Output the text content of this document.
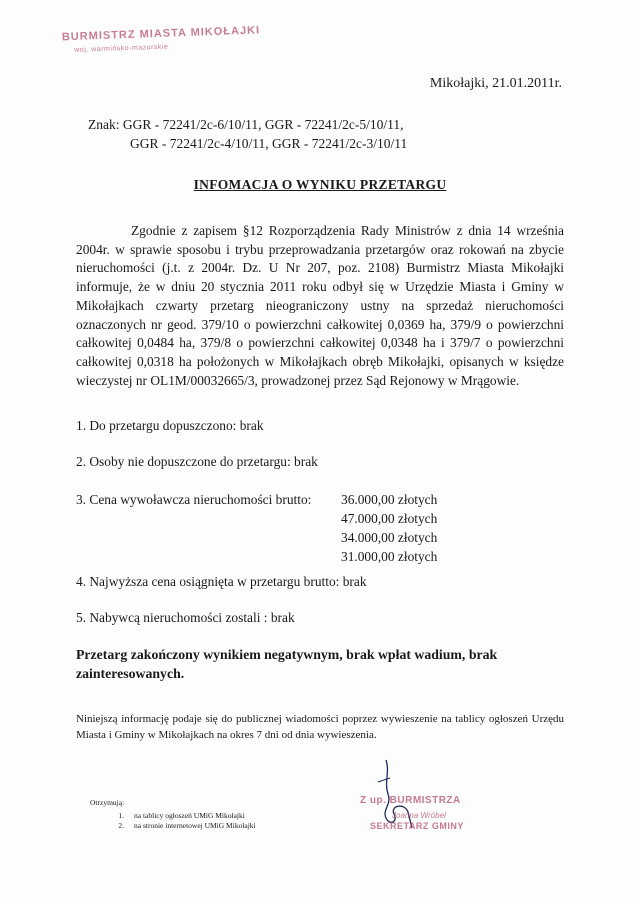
BURMISTRZ MIASTA MIKOŁAJKI
woj. warmińsko-mazurskie
Mikołajki, 21.01.2011r.
Znak: GGR - 72241/2c-6/10/11, GGR - 72241/2c-5/10/11,
GGR - 72241/2c-4/10/11, GGR - 72241/2c-3/10/11
INFOMACJA O WYNIKU PRZETARGU
Zgodnie z zapisem §12 Rozporządzenia Rady Ministrów z dnia 14 września 2004r. w sprawie sposobu i trybu przeprowadzania przetargów oraz rokowań na zbycie nieruchomości (j.t. z 2004r. Dz. U Nr 207, poz. 2108) Burmistrz Miasta Mikołajki informuje, że w dniu 20 stycznia 2011 roku odbył się w Urzędzie Miasta i Gminy w Mikołajkach czwarty przetarg nieograniczony ustny na sprzedaż nieruchomości oznaczonych nr geod. 379/10 o powierzchni całkowitej 0,0369 ha, 379/9 o powierzchni całkowitej 0,0484 ha, 379/8 o powierzchni całkowitej 0,0348 ha i 379/7 o powierzchni całkowitej 0,0318 ha położonych w Mikołajkach obręb Mikołajki, opisanych w księdze wieczystej nr OL1M/00032665/3, prowadzonej przez Sąd Rejonowy w Mrągowie.
1. Do przetargu dopuszczono: brak
2. Osoby nie dopuszczone do przetargu: brak
3. Cena wywoławcza nieruchomości brutto: 36.000,00 złotych
47.000,00 złotych
34.000,00 złotych
31.000,00 złotych
4. Najwyższa cena osiągnięta w przetargu brutto: brak
5. Nabywcą nieruchomości zostali : brak
Przetarg zakończony wynikiem negatywnym, brak wpłat wadium, brak zainteresowanych.
Niniejszą informację podaje się do publicznej wiadomości poprzez wywieszenie na tablicy ogłoszeń Urzędu Miasta i Gminy w Mikołajkach na okres 7 dni od dnia wywieszenia.
Otrzymują:
1.	na tablicy ogłoszeń UMiG Mikołajki
2.	na stronie internetowej UMiG Mikołajki
Z up. BURMISTRZA
Joanna Wróbel
SEKRETARZ GMINY
